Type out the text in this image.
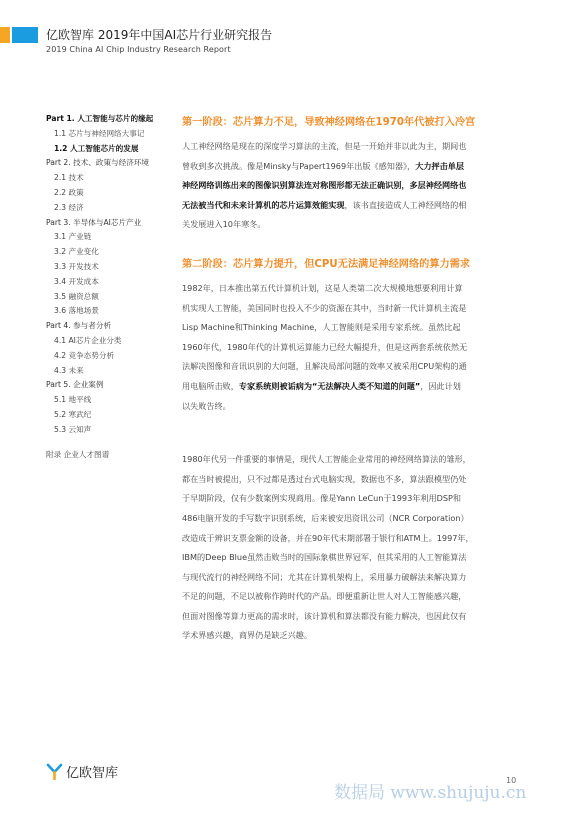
亿欧智库 2019年中国AI芯片行业研究报告
2019 China AI Chip Industry Research Report
Part 1. 人工智能与芯片的缘起
1.1 芯片与神经网络大事记
1.2 人工智能芯片的发展
Part 2. 技术、政策与经济环境
2.1 技术
2.2 政策
2.3 经济
Part 3. 半导体与AI芯片产业
3.1 产业链
3.2 产业变化
3.3 开发技术
3.4 开发成本
3.5 融资总额
3.6 落地场景
Part 4. 参与者分析
4.1 AI芯片企业分类
4.2 竞争态势分析
4.3 未来
Part 5. 企业案例
5.1 地平线
5.2 寒武纪
5.3 云知声
附录 企业人才图谱
第一阶段：芯片算力不足，导致神经网络在1970年代被打入冷宫
人工神经网络是现在的深度学习算法的主流，但是一开始并非以此为主，期间也
曾收到多次挑战。像是Minsky与Papert1969年出版《感知器》，大力抨击单层
神经网络训练出来的图像识别算法连对称图形都无法正确识别，多层神经网络也
无法被当代和未来计算机的芯片运算效能实现，该书直接造成人工神经网络的相
关发展进入10年寒冬。
第二阶段：芯片算力提升，但CPU无法满足神经网络的算力需求
1982年，日本推出第五代计算机计划，这是人类第二次大规模地想要利用计算
机实现人工智能，美国同时也投入不少的资源在其中，当时新一代计算机主流是
Lisp Machine和Thinking Machine，人工智能则是采用专家系统。虽然比起
1960年代，1980年代的计算机运算能力已经大幅提升，但是这两套系统依然无
法解决图像和音讯识别的大问题，且解决局部问题的效率又被采用CPU架构的通
用电脑所击败，专家系统则被诟病为“无法解决人类不知道的问题”，因此计划
以失败告终。
1980年代另一件重要的事情是，现代人工智能企业常用的神经网络算法的雏形，
都在当时被提出，只不过都是透过台式电脑实现，数据也不多，算法跟模型仍处
于早期阶段，仅有少数案例实现商用。像是Yann LeCun于1993年利用DSP和
486电脑开发的手写数字识别系统，后来被安迅资讯公司（NCR Corporation）
改造成于辨识支票金额的设备，并在90年代末期部署于银行和ATM上。1997年，
IBM的Deep Blue虽然击败当时的国际象棋世界冠军，但其采用的人工智能算法
与现代流行的神经网络不同；尤其在计算机架构上，采用暴力破解法来解决算力
不足的问题，不足以被称作跨时代的产品。即便重新让世人对人工智能感兴趣，
但面对图像等算力更高的需求时，该计算机和算法都没有能力解决，也因此仅有
学术界感兴趣，商界仍是缺乏兴趣。
亿欧智库
数据局 www.shujuju.cn
10
